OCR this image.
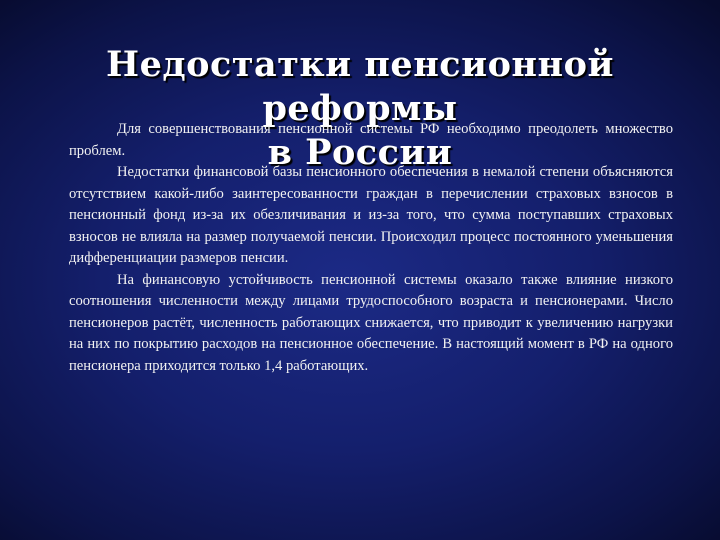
Недостатки пенсионной реформы
в России

Для совершенствования пенсионной системы РФ необходимо преодолеть множество проблем.

Недостатки финансовой базы пенсионного обеспечения в немалой степени объясняются отсутствием какой-либо заинтересованности граждан в перечислении страховых взносов в пенсионный фонд из-за их обезличивания и из-за того, что сумма поступавших страховых взносов не влияла на размер получаемой пенсии. Происходил процесс постоянного уменьшения дифференциации размеров пенсии.

На финансовую устойчивость пенсионной системы оказало также влияние низкого соотношения численности между лицами трудоспособного возраста и пенсионерами. Число пенсионеров растёт, численность работающих снижается, что приводит к увеличению нагрузки на них по покрытию расходов на пенсионное обеспечение. В настоящий момент в РФ на одного пенсионера приходится только 1,4 работающих.
